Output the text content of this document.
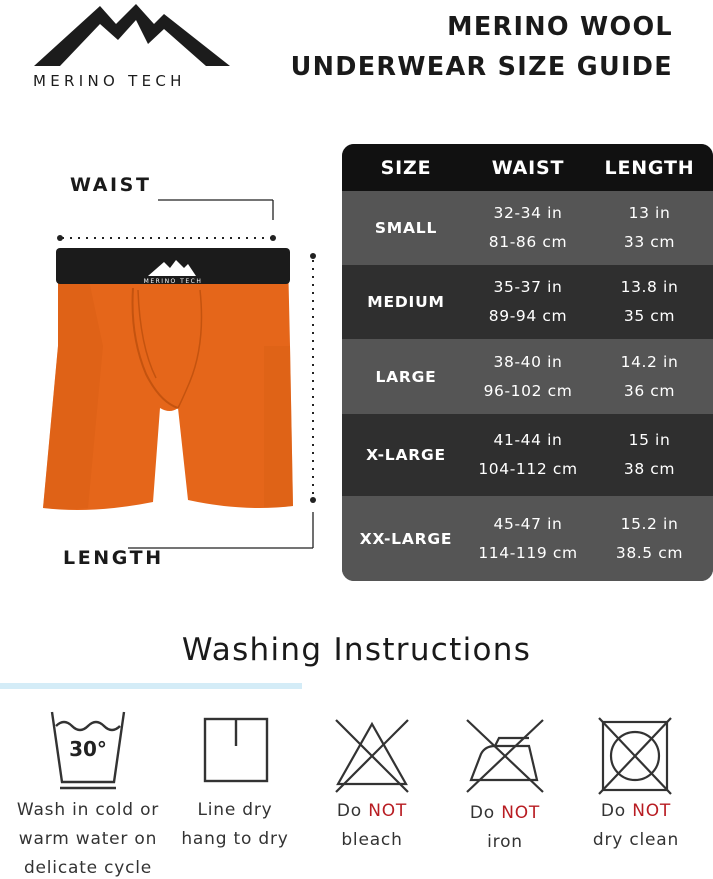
MERINO TECH
MERINO WOOL
UNDERWEAR SIZE GUIDE
WAIST
LENGTH
MERINO TECH
SIZE	WAIST	LENGTH
SMALL
32-34 in
81-86 cm
13 in
33 cm
MEDIUM
35-37 in
89-94 cm
13.8 in
35 cm
LARGE
38-40 in
96-102 cm
14.2 in
36 cm
X-LARGE
41-44 in
104-112 cm
15 in
38 cm
XX-LARGE
45-47 in
114-119 cm
15.2 in
38.5 cm
Washing Instructions
30°
Wash in cold or
warm water on
delicate cycle
Line dry
hang to dry
Do NOT
bleach
Do NOT
iron
Do NOT
dry clean
